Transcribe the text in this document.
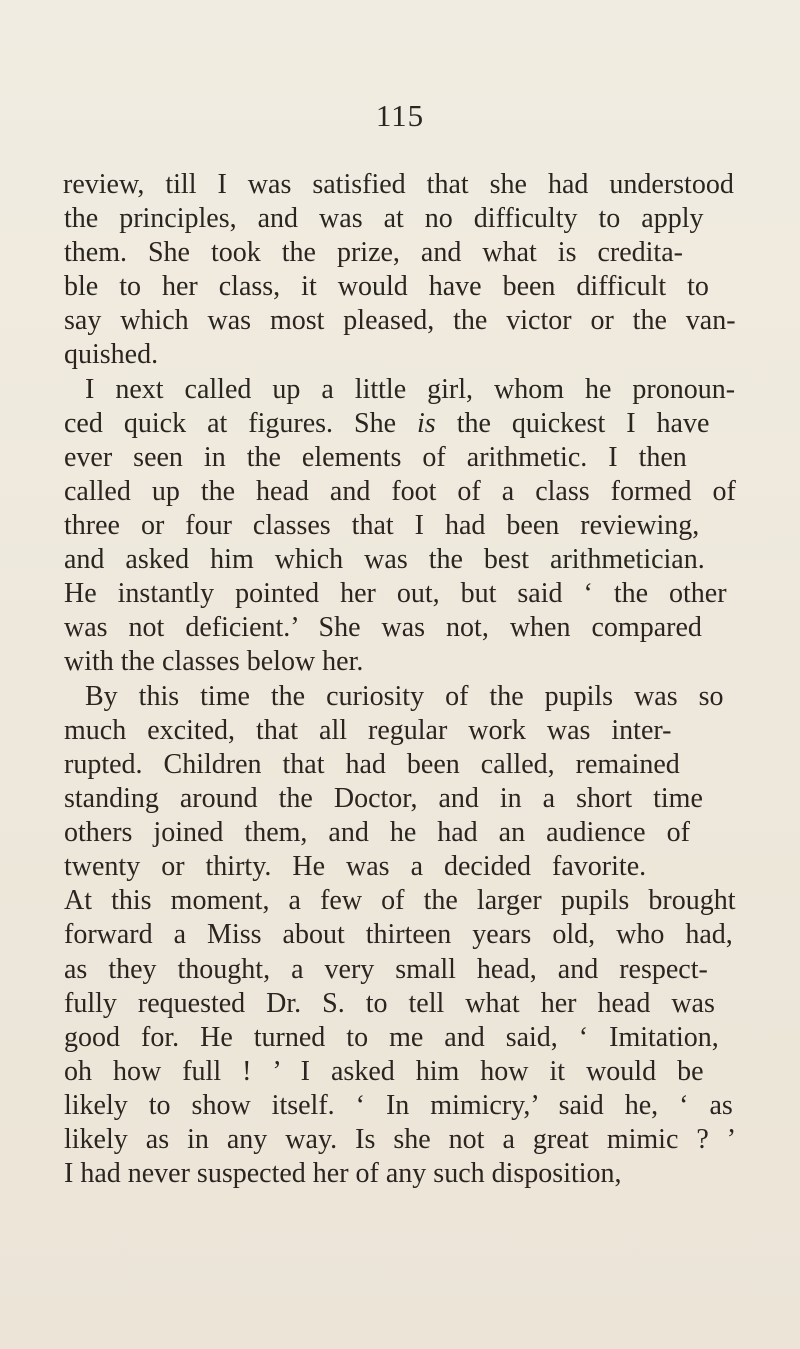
115
review, till I was satisfied that she had understood
the principles, and was at no difficulty to apply
them. She took the prize, and what is credita-
ble to her class, it would have been difficult to
say which was most pleased, the victor or the van-
quished.
I next called up a little girl, whom he pronoun-
ced quick at figures. She is the quickest I have
ever seen in the elements of arithmetic. I then
called up the head and foot of a class formed of
three or four classes that I had been reviewing,
and asked him which was the best arithmetician.
He instantly pointed her out, but said ‘ the other
was not deficient.’ She was not, when compared
with the classes below her.
By this time the curiosity of the pupils was so
much excited, that all regular work was inter-
rupted. Children that had been called, remained
standing around the Doctor, and in a short time
others joined them, and he had an audience of
twenty or thirty. He was a decided favorite.
At this moment, a few of the larger pupils brought
forward a Miss about thirteen years old, who had,
as they thought, a very small head, and respect-
fully requested Dr. S. to tell what her head was
good for. He turned to me and said, ‘ Imitation,
oh how full ! ’ I asked him how it would be
likely to show itself. ‘ In mimicry,’ said he, ‘ as
likely as in any way. Is she not a great mimic ? ’
I had never suspected her of any such disposition,
